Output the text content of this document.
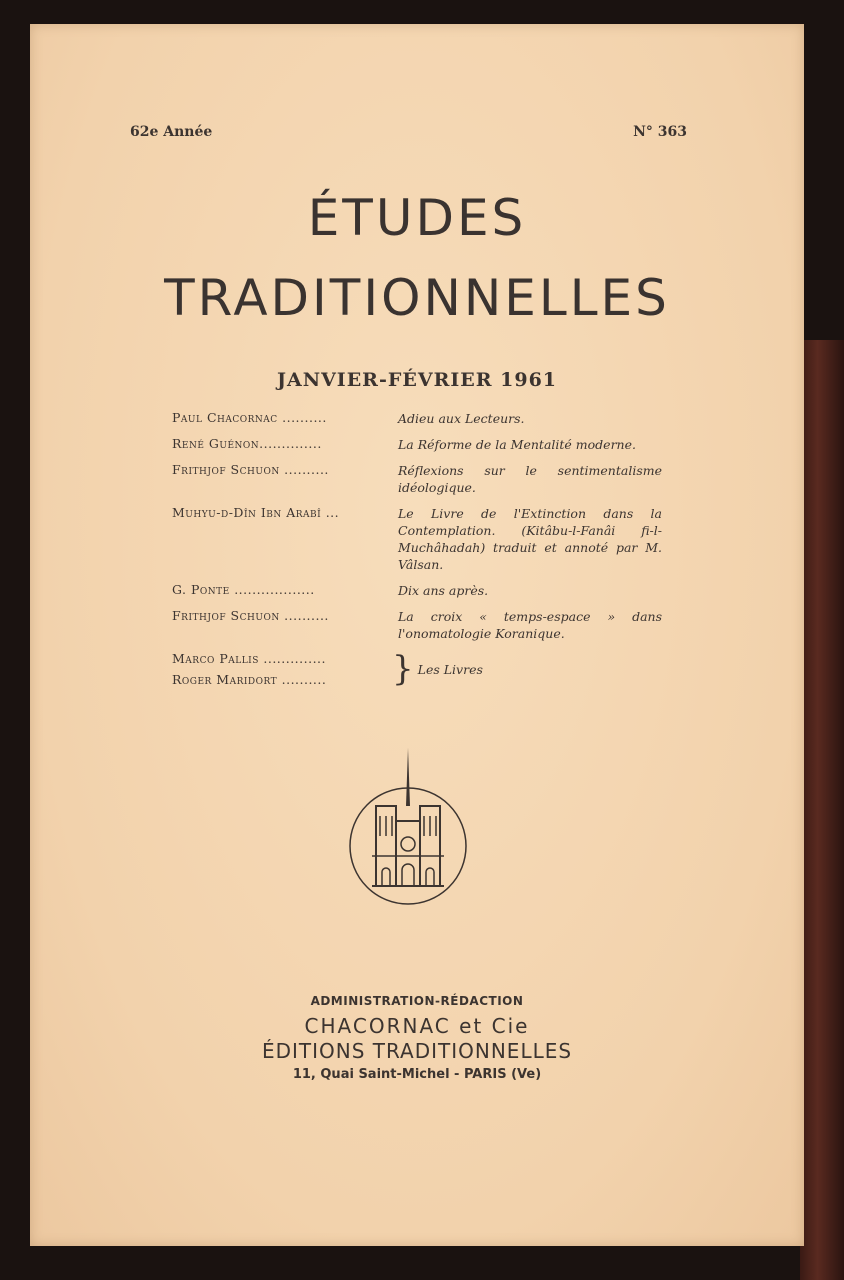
62e Année	N° 363
ÉTUDES
TRADITIONNELLES
JANVIER-FÉVRIER 1961
Paul Chacornac ..........	Adieu aux Lecteurs.
René Guénon..............	La Réforme de la Mentalité moderne.
Frithjof Schuon ..........	Réflexions sur le sentimentalisme idéologique.
Muhyu-d-Dîn Ibn Arabî ...	Le Livre de l'Extinction dans la Contemplation. (Kitâbu-l-Fanâi fi-l-Muchâhadah) traduit et annoté par M. Vâlsan.
G. Ponte ..................	Dix ans après.
Frithjof Schuon ..........	La croix « temps-espace » dans l'onomatologie Koranique.
Marco Pallis ..............
Roger Maridort ..........	} Les Livres
ADMINISTRATION-RÉDACTION
CHACORNAC et Cie
ÉDITIONS TRADITIONNELLES
11, Quai Saint-Michel - PARIS (Ve)
